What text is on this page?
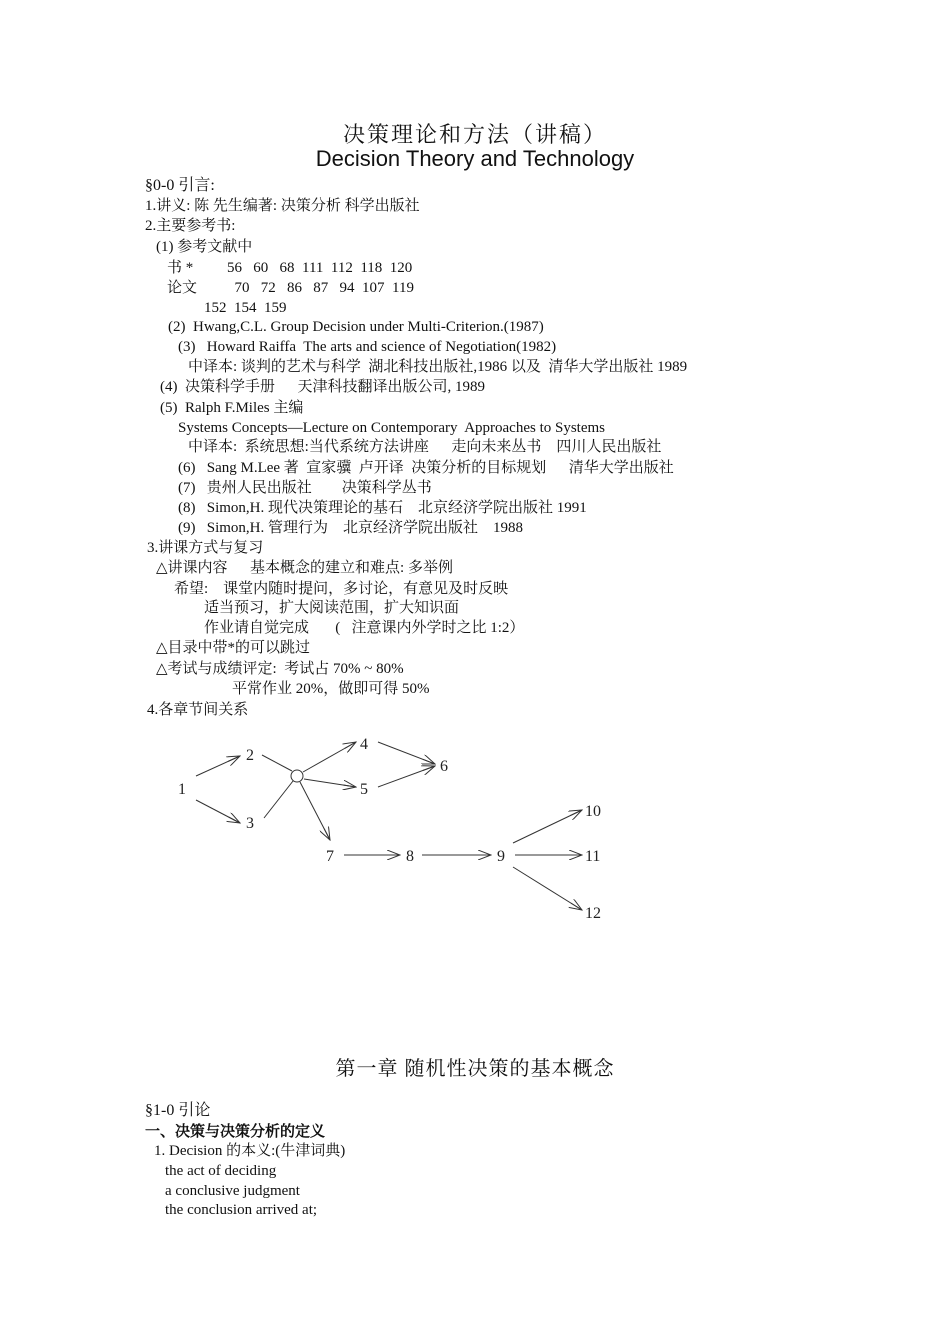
决策理论和方法（讲稿）
Decision Theory and Technology
§0-0 引言:
1.讲义: 陈 先生编著: 决策分析 科学出版社
2.主要参考书:
(1) 参考文献中
书 *         56   60   68  111  112  118  120
论文          70   72   86   87   94  107  119
152  154  159
(2)  Hwang,C.L. Group Decision under Multi-Criterion.(1987)
(3)   Howard Raiffa  The arts and science of Negotiation(1982)
中译本: 谈判的艺术与科学  湖北科技出版社,1986 以及  清华大学出版社 1989
(4)  决策科学手册      天津科技翻译出版公司, 1989
(5)  Ralph F.Miles 主编
Systems Concepts—Lecture on Contemporary  Approaches to Systems
中译本:  系统思想:当代系统方法讲座      走向未来丛书    四川人民出版社
(6)   Sang M.Lee 著  宣家骥  卢开译  决策分析的目标规划      清华大学出版社
(7)   贵州人民出版社        决策科学丛书
(8)   Simon,H. 现代决策理论的基石    北京经济学院出版社 1991
(9)   Simon,H. 管理行为    北京经济学院出版社    1988
3.讲课方式与复习
△讲课内容      基本概念的建立和难点: 多举例
希望:    课堂内随时提问，多讨论，有意见及时反映
适当预习，扩大阅读范围，扩大知识面
作业请自觉完成       (   注意课内外学时之比 1:2）
△目录中带*的可以跳过
△考试与成绩评定:  考试占 70% ~ 80%
平常作业 20%，做即可得 50%
4.各章节间关系
1
2
3
4
5
6
7	8	9
10
11
12
第一章 随机性决策的基本概念
§1-0 引论
一、决策与决策分析的定义
1. Decision 的本义:(牛津词典)
the act of deciding
a conclusive judgment
the conclusion arrived at;
